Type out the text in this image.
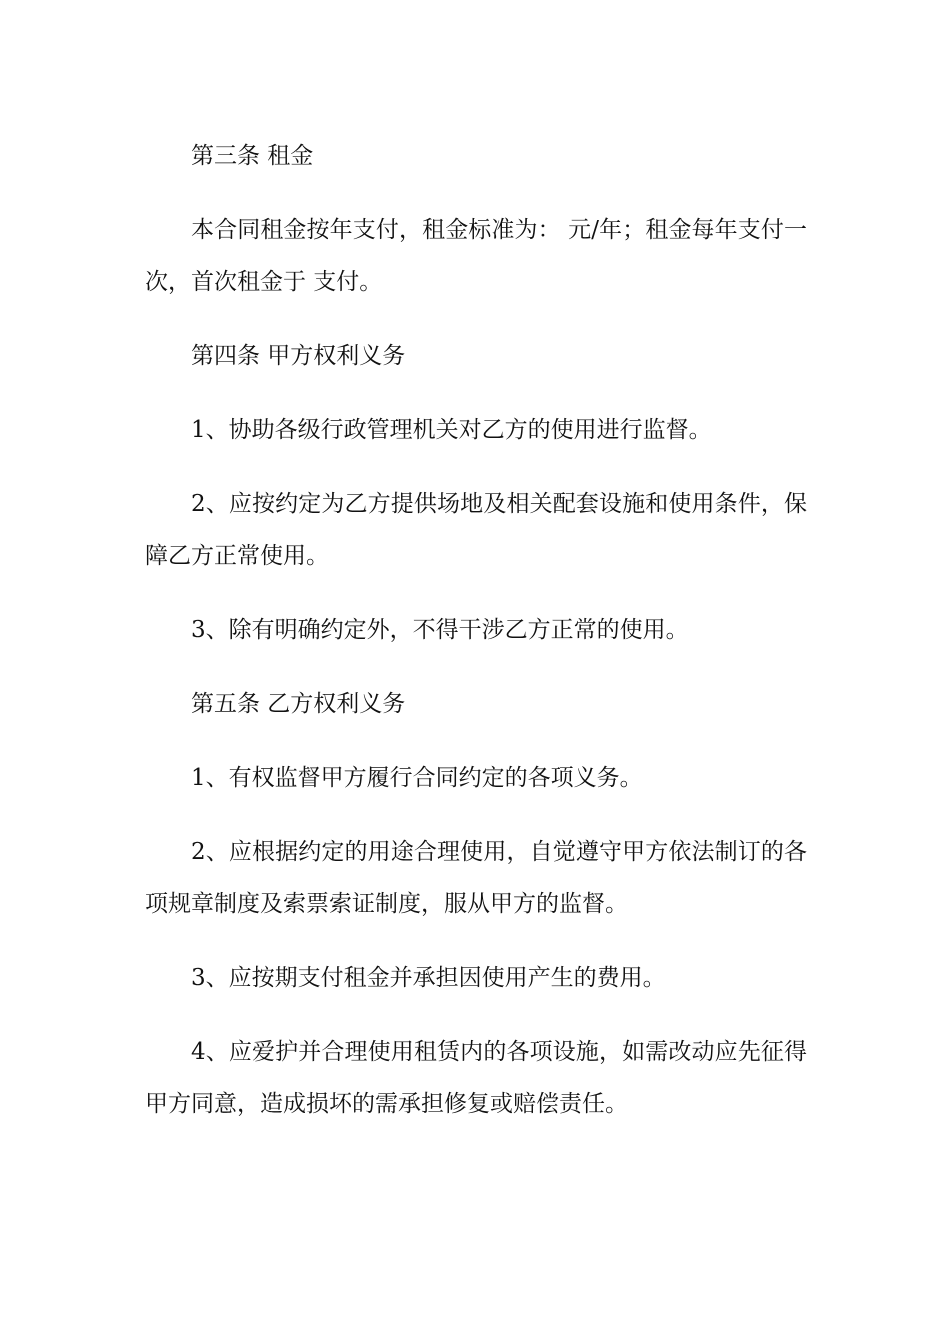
第三条 租金

本合同租金按年支付，租金标准为： 元/年；租金每年支付一次，首次租金于 支付。

第四条 甲方权利义务

1、协助各级行政管理机关对乙方的使用进行监督。

2、应按约定为乙方提供场地及相关配套设施和使用条件，保障乙方正常使用。

3、除有明确约定外，不得干涉乙方正常的使用。

第五条 乙方权利义务

1、有权监督甲方履行合同约定的各项义务。

2、应根据约定的用途合理使用，自觉遵守甲方依法制订的各项规章制度及索票索证制度，服从甲方的监督。

3、应按期支付租金并承担因使用产生的费用。

4、应爱护并合理使用租赁内的各项设施，如需改动应先征得甲方同意，造成损坏的需承担修复或赔偿责任。
